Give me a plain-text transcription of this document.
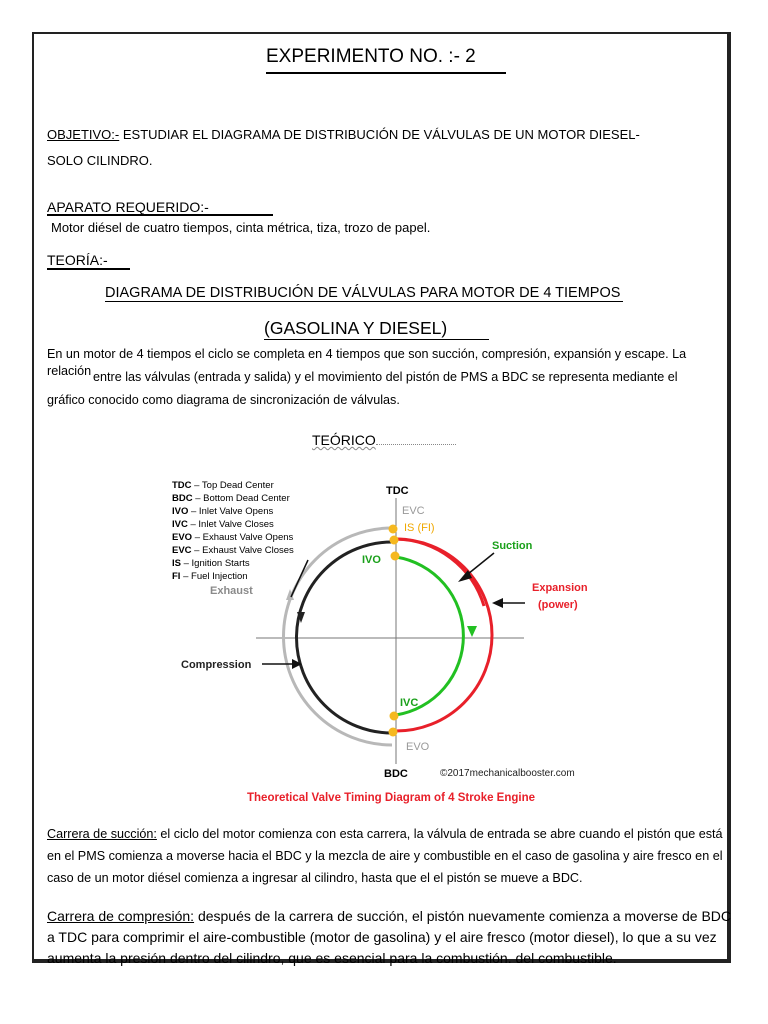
EXPERIMENTO NO. :- 2
OBJETIVO:- ESTUDIAR EL DIAGRAMA DE DISTRIBUCIÓN DE VÁLVULAS DE UN MOTOR DIESEL-
SOLO CILINDRO.
APARATO REQUERIDO:-
Motor diésel de cuatro tiempos, cinta métrica, tiza, trozo de papel.
TEORÍA:-
DIAGRAMA DE DISTRIBUCIÓN DE VÁLVULAS PARA MOTOR DE 4 TIEMPOS
(GASOLINA Y DIESEL)
En un motor de 4 tiempos el ciclo se completa en 4 tiempos que son succión, compresión, expansión y escape. La
relación entre las válvulas (entrada y salida) y el movimiento del pistón de PMS a BDC se representa mediante el
gráfico conocido como diagrama de sincronización de válvulas.
TEÓRICO
TDC – Top Dead Center
BDC – Bottom Dead Center
IVO – Inlet Valve Opens
IVC – Inlet Valve Closes
EVO – Exhaust Valve Opens
EVC – Exhaust Valve Closes
IS – Ignition Starts
FI – Fuel Injection
TDC
BDC
EVC
IS (FI)
IVO
IVC
EVO
Suction
Expansion
(power)
Exhaust
Compression
©2017mechanicalbooster.com
Theoretical Valve Timing Diagram of 4 Stroke Engine
Carrera de succión: el ciclo del motor comienza con esta carrera, la válvula de entrada se abre cuando el pistón que está
en el PMS comienza a moverse hacia el BDC y la mezcla de aire y combustible en el caso de gasolina y aire fresco en el
caso de un motor diésel comienza a ingresar al cilindro, hasta que el el pistón se mueve a BDC.
Carrera de compresión: después de la carrera de succión, el pistón nuevamente comienza a moverse de BDC
a TDC para comprimir el aire-combustible (motor de gasolina) y el aire fresco (motor diesel), lo que a su vez
aumenta la presión dentro del cilindro, que es esencial para la combustión. del combustible.
